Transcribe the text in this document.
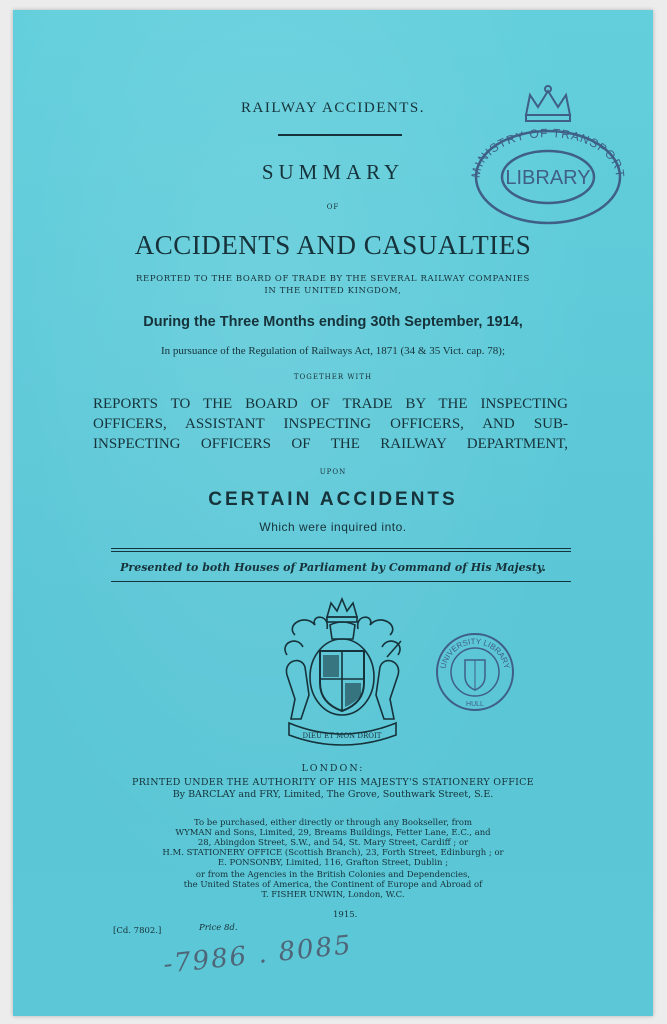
MINISTRY OF TRANSPORT
LIBRARY
RAILWAY ACCIDENTS.
SUMMARY
OF
ACCIDENTS AND CASUALTIES
REPORTED TO THE BOARD OF TRADE BY THE SEVERAL RAILWAY COMPANIES
IN THE UNITED KINGDOM,
During the Three Months ending 30th September, 1914,
In pursuance of the Regulation of Railways Act, 1871 (34 & 35 Vict. cap. 78);
TOGETHER WITH
REPORTS TO THE BOARD OF TRADE BY THE INSPECTING
OFFICERS, ASSISTANT INSPECTING OFFICERS, AND SUB-
INSPECTING OFFICERS OF THE RAILWAY DEPARTMENT,
UPON
CERTAIN ACCIDENTS
Which were inquired into.
Presented to both Houses of Parliament by Command of His Majesty.
DIEU ET MON DROIT
UNIVERSITY LIBRARY
HULL
LONDON:
PRINTED UNDER THE AUTHORITY OF HIS MAJESTY'S STATIONERY OFFICE
By BARCLAY and FRY, Limited, The Grove, Southwark Street, S.E.
To be purchased, either directly or through any Bookseller, from
WYMAN and Sons, Limited, 29, Breams Buildings, Fetter Lane, E.C., and
28, Abingdon Street, S.W., and 54, St. Mary Street, Cardiff ; or
H.M. STATIONERY OFFICE (Scottish Branch), 23, Forth Street, Edinburgh ; or
E. PONSONBY, Limited, 116, Grafton Street, Dublin ;
or from the Agencies in the British Colonies and Dependencies,
the United States of America, the Continent of Europe and Abroad of
T. FISHER UNWIN, London, W.C.
[Cd. 7802.]	Price 8d.
1915.
-7986 . 8085
